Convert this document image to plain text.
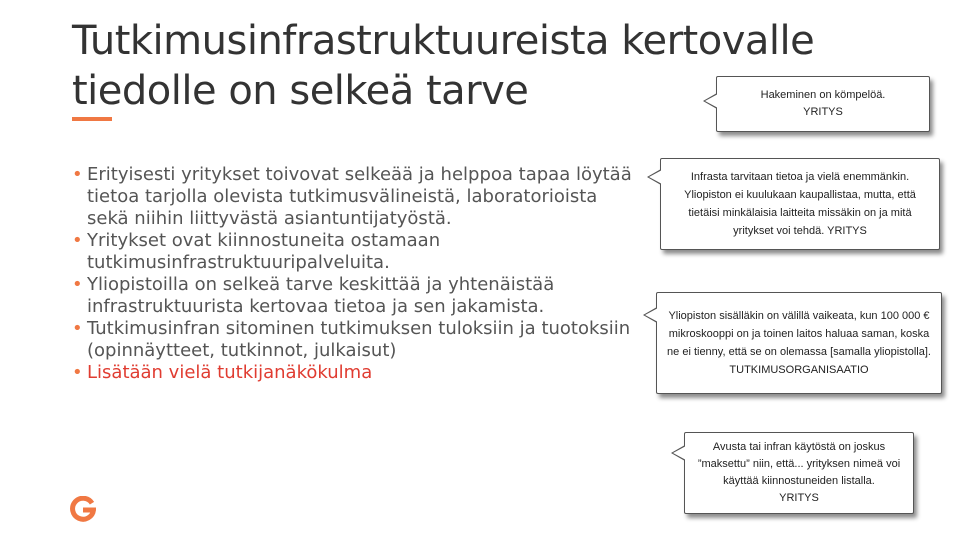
Tutkimusinfrastruktuureista kertovalle
tiedolle on selkeä tarve
• Erityisesti yritykset toivovat selkeää ja helppoa tapaa löytää tietoa tarjolla olevista tutkimusvälineistä, laboratorioista sekä niihin liittyvästä asiantuntijatyöstä.
• Yritykset ovat kiinnostuneita ostamaan tutkimusinfrastruktuuripalveluita.
• Yliopistoilla on selkeä tarve keskittää ja yhtenäistää infrastruktuurista kertovaa tietoa ja sen jakamista.
• Tutkimusinfran sitominen tutkimuksen tuloksiin ja tuotoksiin (opinnäytteet, tutkinnot, julkaisut)
• Lisätään vielä tutkijanäkökulma
Hakeminen on kömpelöä.
YRITYS
Infrasta tarvitaan tietoa ja vielä enemmänkin. Yliopiston ei kuulukaan kaupallistaa, mutta, että tietäisi minkälaisia laitteita missäkin on ja mitä yritykset voi tehdä. YRITYS
Yliopiston sisälläkin on välillä vaikeata, kun 100 000 € mikroskooppi on ja toinen laitos haluaa saman, koska ne ei tienny, että se on olemassa [samalla yliopistolla].
TUTKIMUSORGANISAATIO
Avusta tai infran käytöstä on joskus ”maksettu” niin, että... yrityksen nimeä voi käyttää kiinnostuneiden listalla.
YRITYS
